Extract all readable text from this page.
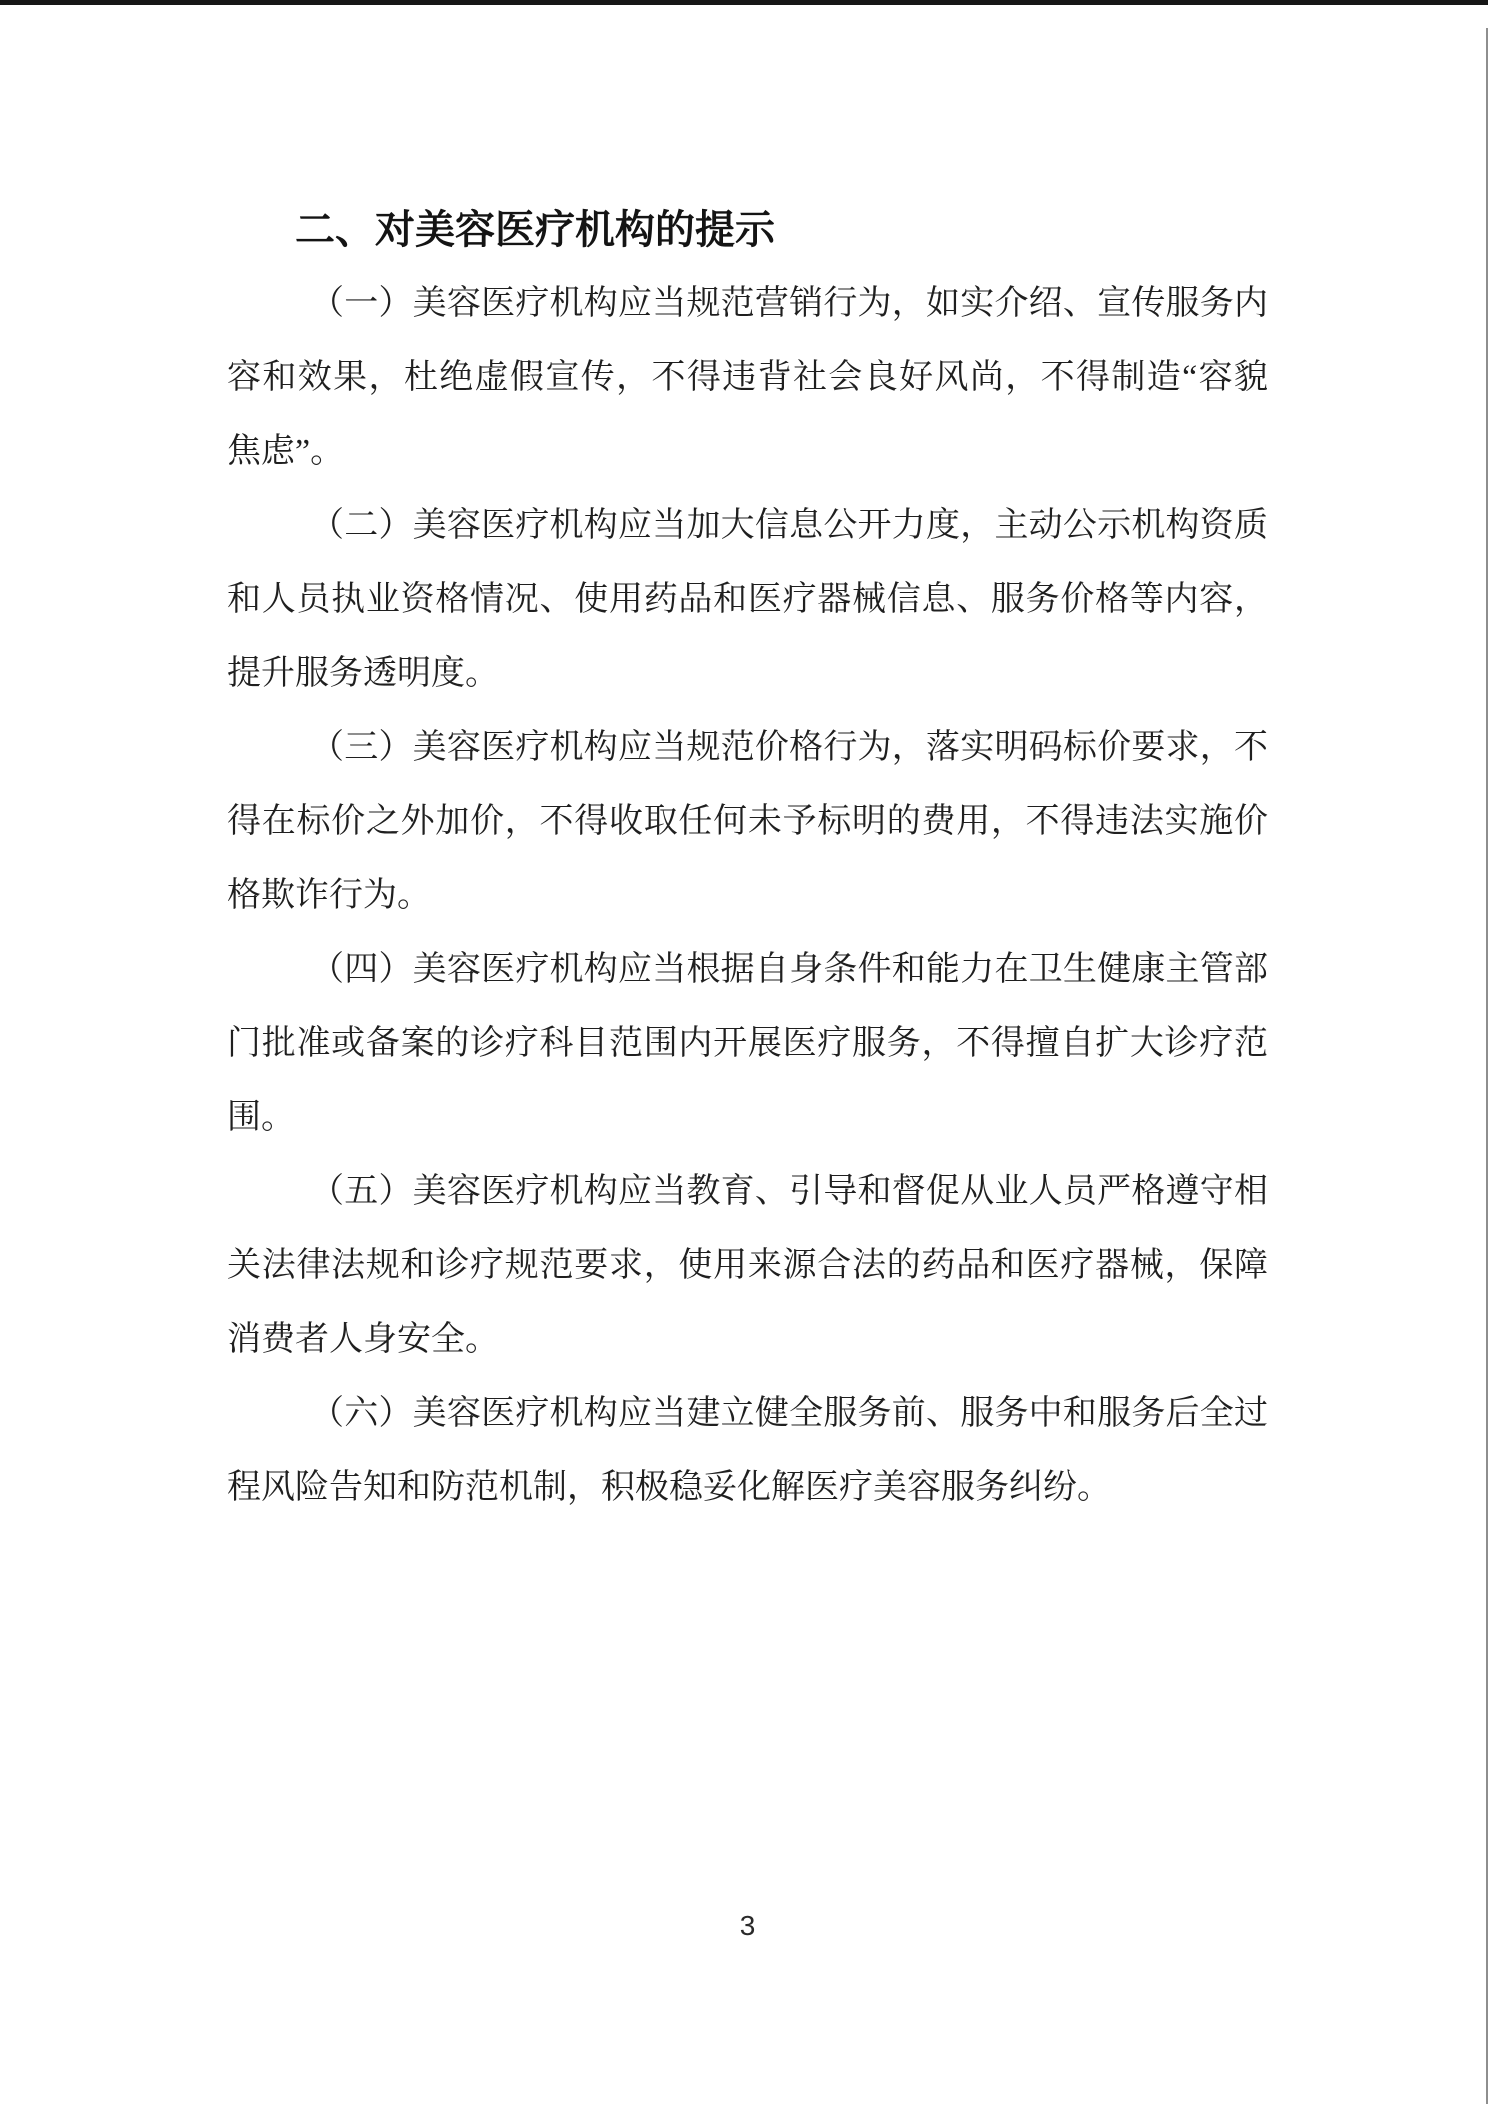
二、对美容医疗机构的提示
（一）美容医疗机构应当规范营销行为，如实介绍、宣传服务内
容和效果，杜绝虚假宣传，不得违背社会良好风尚，不得制造“容貌
焦虑”。
（二）美容医疗机构应当加大信息公开力度，主动公示机构资质
和人员执业资格情况、使用药品和医疗器械信息、服务价格等内容，
提升服务透明度。
（三）美容医疗机构应当规范价格行为，落实明码标价要求，不
得在标价之外加价，不得收取任何未予标明的费用，不得违法实施价
格欺诈行为。
（四）美容医疗机构应当根据自身条件和能力在卫生健康主管部
门批准或备案的诊疗科目范围内开展医疗服务，不得擅自扩大诊疗范
围。
（五）美容医疗机构应当教育、引导和督促从业人员严格遵守相
关法律法规和诊疗规范要求，使用来源合法的药品和医疗器械，保障
消费者人身安全。
（六）美容医疗机构应当建立健全服务前、服务中和服务后全过
程风险告知和防范机制，积极稳妥化解医疗美容服务纠纷。
3
